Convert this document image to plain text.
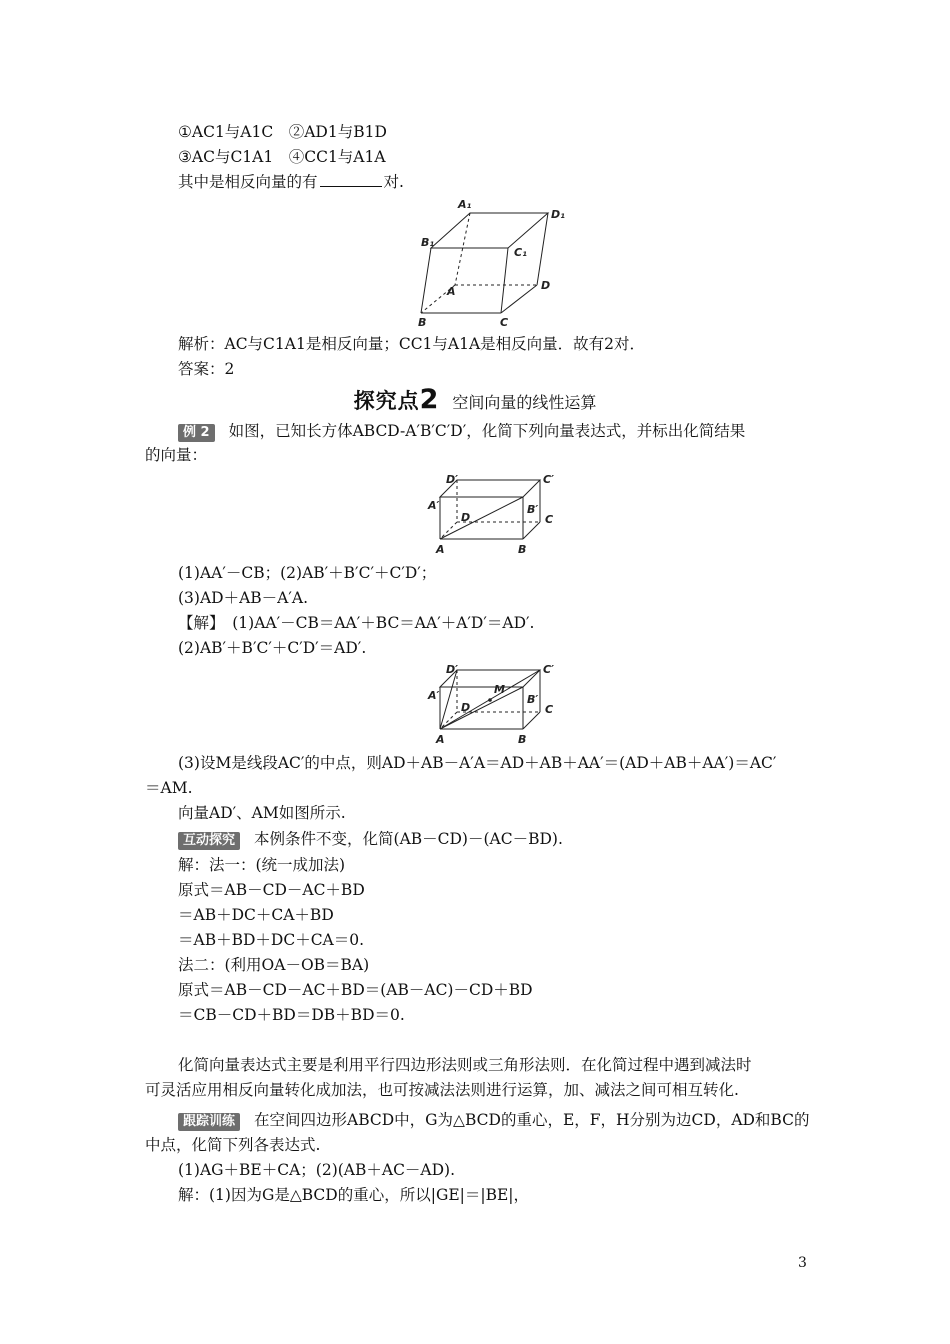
①AC1与A1C　②AD1与B1D
③AC与C1A1　④CC1与A1A
其中是相反向量的有	对.
A₁
D₁
B₁
C₁
A	D
B	C
解析：AC与C1A1是相反向量；CC1与A1A是相反向量．故有2对．
答案：2
探究点2 空间向量的线性运算
例 2 如图，已知长方体ABCD-A′B′C′D′，化简下列向量表达式，并标出化简结果
的向量：
D′	C′
A′	B′
D	C
A	B
(1)AA′－CB；(2)AB′＋B′C′＋C′D′；
(3)AD＋AB－A′A.
【解】　(1)AA′－CB＝AA′＋BC＝AA′＋A′D′＝AD′.
(2)AB′＋B′C′＋C′D′＝AD′.
D′	C′
A′	B′
D	C
A	B
M
(3)设M是线段AC′的中点，则AD＋AB－A′A＝AD＋AB＋AA′＝(AD＋AB＋AA′)＝AC′
＝AM.
向量AD′、AM如图所示.
互动探究 本例条件不变，化简(AB－CD)－(AC－BD).
解：法一：(统一成加法)
原式＝AB－CD－AC＋BD
＝AB＋DC＋CA＋BD
＝AB＋BD＋DC＋CA＝0.
法二：(利用OA－OB＝BA)
原式＝AB－CD－AC＋BD＝(AB－AC)－CD＋BD
＝CB－CD＋BD＝DB＋BD＝0.
化简向量表达式主要是利用平行四边形法则或三角形法则．在化简过程中遇到减法时
可灵活应用相反向量转化成加法，也可按减法法则进行运算，加、减法之间可相互转化.
跟踪训练 在空间四边形ABCD中，G为△BCD的重心，E，F，H分别为边CD，AD和BC的
中点，化简下列各表达式.
(1)AG＋BE＋CA；(2)(AB＋AC－AD).
解：(1)因为G是△BCD的重心，所以|GE|＝|BE|，
3
